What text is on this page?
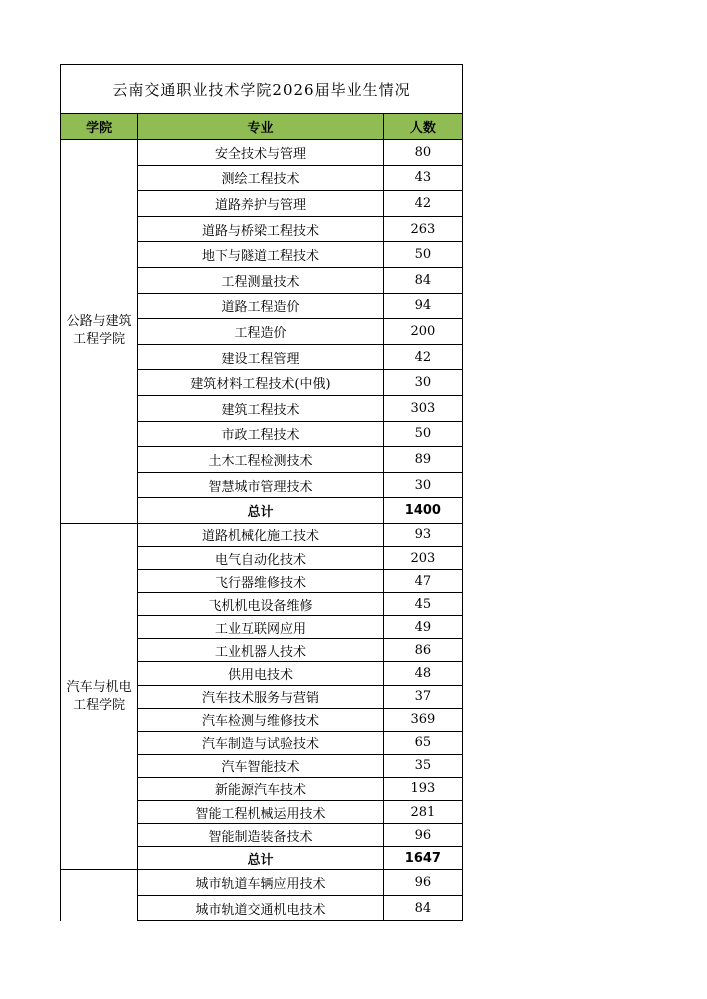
云南交通职业技术学院2026届毕业生情况		
学院	专业	人数

公路与建筑
工程学院	安全技术与管理	80
	测绘工程技术	43
	道路养护与管理	42
	道路与桥梁工程技术	263
	地下与隧道工程技术	50
	工程测量技术	84
	道路工程造价	94
	工程造价	200
	建设工程管理	42
	建筑材料工程技术(中俄)	30
	建筑工程技术	303
	市政工程技术	50
	土木工程检测技术	89
	智慧城市管理技术	30
	总计	1400

汽车与机电
工程学院	道路机械化施工技术	93
	电气自动化技术	203
	飞行器维修技术	47
	飞机机电设备维修	45
	工业互联网应用	49
	工业机器人技术	86
	供用电技术	48
	汽车技术服务与营销	37
	汽车检测与维修技术	369
	汽车制造与试验技术	65
	汽车智能技术	35
	新能源汽车技术	193
	智能工程机械运用技术	281
	智能制造装备技术	96
	总计	1647
	城市轨道车辆应用技术	96
	城市轨道交通机电技术	84
